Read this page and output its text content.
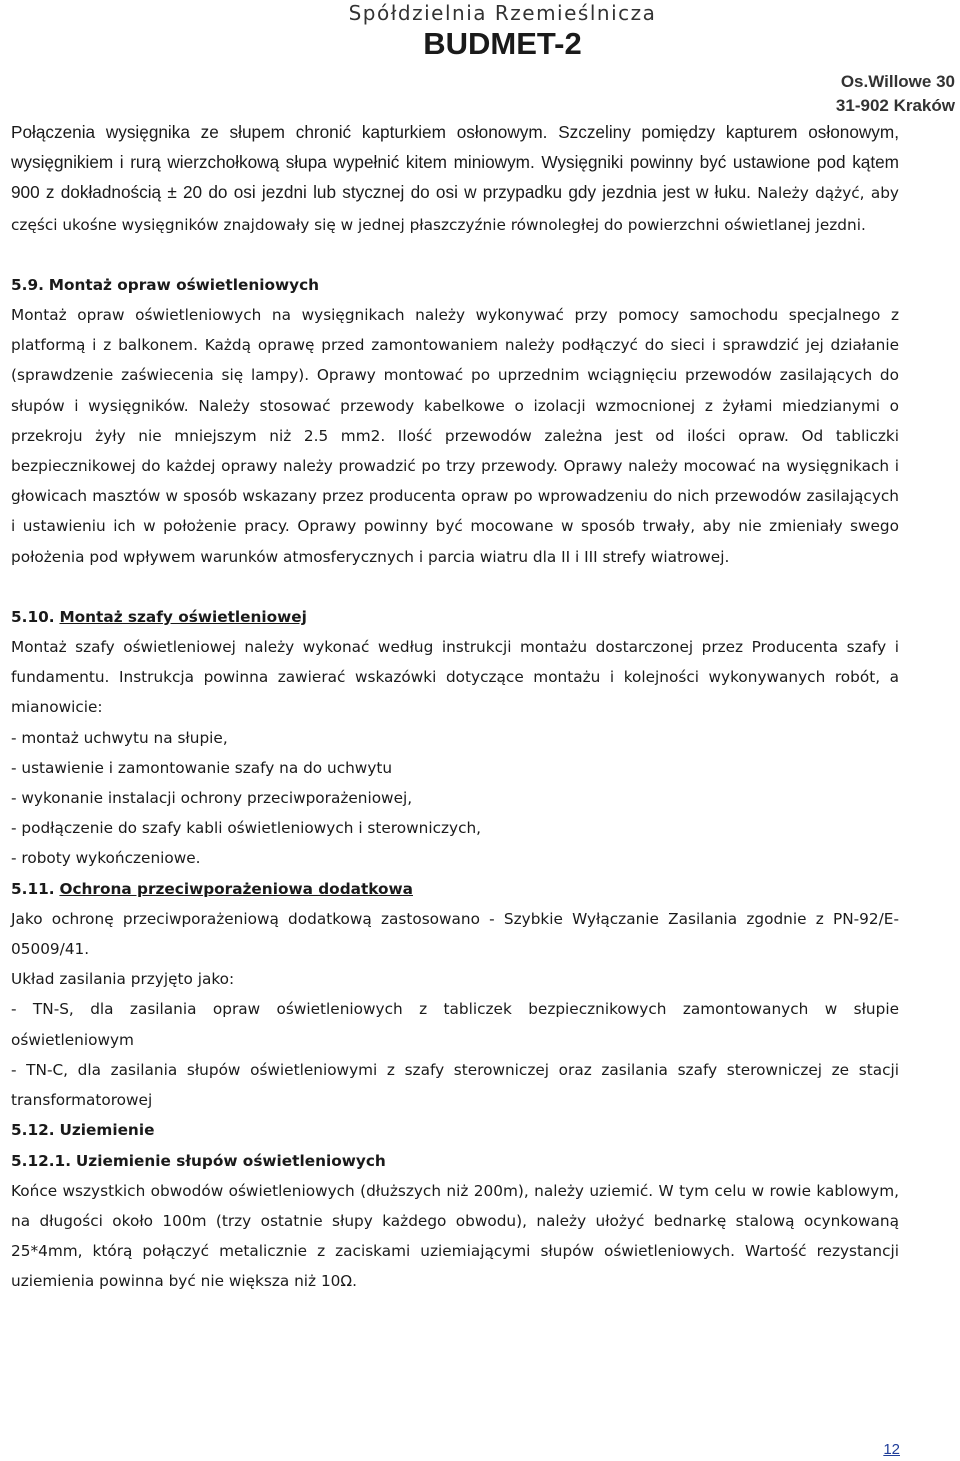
Spółdzielnia Rzemieślnicza
BUDMET-2
Os.Willowe 30
31-902 Kraków

Połączenia wysięgnika ze słupem chronić kapturkiem osłonowym. Szczeliny pomiędzy kapturem osłonowym, wysięgnikiem i rurą wierzchołkową słupa wypełnić kitem miniowym. Wysięgniki powinny być ustawione pod kątem 900 z dokładnością ± 20 do osi jezdni lub stycznej do osi w przypadku gdy jezdnia jest w łuku. Należy dążyć, aby części ukośne wysięgników znajdowały się w jednej płaszczyźnie równoległej do powierzchni oświetlanej jezdni.

5.9. Montaż opraw oświetleniowych

Montaż opraw oświetleniowych na wysięgnikach należy wykonywać przy pomocy samochodu specjalnego z platformą i z balkonem. Każdą oprawę przed zamontowaniem należy podłączyć do sieci i sprawdzić jej działanie (sprawdzenie zaświecenia się lampy). Oprawy montować po uprzednim wciągnięciu przewodów zasilających do słupów i wysięgników. Należy stosować przewody kabelkowe o izolacji wzmocnionej z żyłami miedzianymi o przekroju żyły nie mniejszym niż 2.5 mm2. Ilość przewodów zależna jest od ilości opraw. Od tabliczki bezpiecznikowej do każdej oprawy należy prowadzić po trzy przewody. Oprawy należy mocować na wysięgnikach i głowicach masztów w sposób wskazany przez producenta opraw po wprowadzeniu do nich przewodów zasilających i ustawieniu ich w położenie pracy. Oprawy powinny być mocowane w sposób trwały, aby nie zmieniały swego położenia pod wpływem warunków atmosferycznych i parcia wiatru dla II i III strefy wiatrowej.

5.10. Montaż szafy oświetleniowej

Montaż szafy oświetleniowej należy wykonać według instrukcji montażu dostarczonej przez Producenta szafy i fundamentu. Instrukcja powinna zawierać wskazówki dotyczące montażu i kolejności wykonywanych robót, a mianowicie:

- montaż uchwytu na słupie,
- ustawienie i zamontowanie szafy na do uchwytu
- wykonanie instalacji ochrony przeciwporażeniowej,
- podłączenie do szafy kabli oświetleniowych i sterowniczych,
- roboty wykończeniowe.
5.11. Ochrona przeciwporażeniowa dodatkowa

Jako ochronę przeciwporażeniową dodatkową zastosowano - Szybkie Wyłączanie Zasilania zgodnie z PN-92/E-05009/41.

Układ zasilania przyjęto jako:

- TN-S, dla zasilania opraw oświetleniowych z tabliczek bezpiecznikowych zamontowanych w słupie oświetleniowym

- TN-C, dla zasilania słupów oświetleniowymi z szafy sterowniczej oraz zasilania szafy sterowniczej ze stacji transformatorowej

5.12. Uziemienie
5.12.1. Uziemienie słupów oświetleniowych

Końce wszystkich obwodów oświetleniowych (dłuższych niż 200m), należy uziemić. W tym celu w rowie kablowym, na długości około 100m (trzy ostatnie słupy każdego obwodu), należy ułożyć bednarkę stalową ocynkowaną 25*4mm, którą połączyć metalicznie z zaciskami uziemiającymi słupów oświetleniowych. Wartość rezystancji uziemienia powinna być nie większa niż 10Ω.

12
